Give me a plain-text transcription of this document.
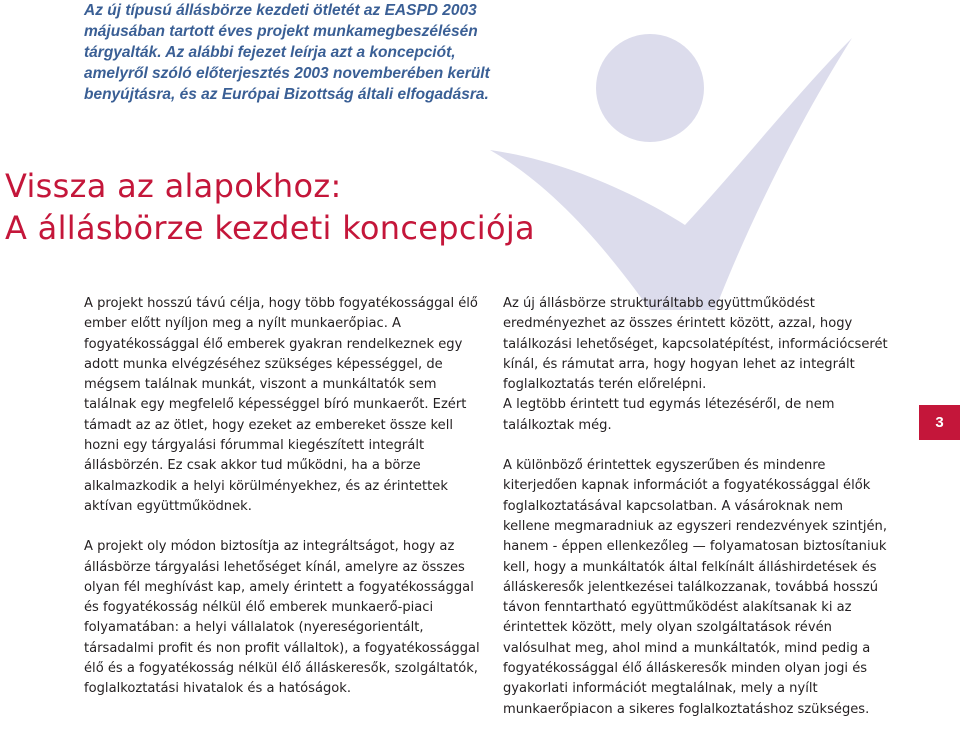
Az új típusú állásbörze kezdeti ötletét az EASPD 2003 májusában tartott éves projekt munkamegbeszélésén tárgyalták. Az alábbi fejezet leírja azt a koncepciót, amelyről szóló előterjesztés 2003 novemberében került benyújtásra, és az Európai Bizottság általi elfogadásra.

Vissza az alapokhoz:
A állásbörze kezdeti koncepciója

A projekt hosszú távú célja, hogy több fogyatékossággal élő ember előtt nyíljon meg a nyílt munkaerőpiac. A fogyatékossággal élő emberek gyakran rendelkeznek egy adott munka elvégzéséhez szükséges képességgel, de mégsem találnak munkát, viszont a munkáltatók sem találnak egy megfelelő képességgel bíró munkaerőt. Ezért támadt az az ötlet, hogy ezeket az embereket össze kell hozni egy tárgyalási fórummal kiegészített integrált állásbörzén. Ez csak akkor tud működni, ha a börze alkalmazkodik a helyi körülményekhez, és az érintettek aktívan együttműködnek.

A projekt oly módon biztosítja az integráltságot, hogy az állásbörze tárgyalási lehetőséget kínál, amelyre az összes olyan fél meghívást kap, amely érintett a fogyatékossággal és fogyatékosság nélkül élő emberek munkaerő-piaci folyamatában: a helyi vállalatok (nyereségorientált, társadalmi profit és non profit vállaltok), a fogyatékossággal élő és a fogyatékosság nélkül élő álláskeresők, szolgáltatók, foglalkoztatási hivatalok és a hatóságok.

Az új állásbörze strukturáltabb együttműködést eredményezhet az összes érintett között, azzal, hogy találkozási lehetőséget, kapcsolatépítést, információcserét kínál, és rámutat arra, hogy hogyan lehet az integrált foglalkoztatás terén előrelépni.

A legtöbb érintett tud egymás létezéséről, de nem találkoztak még.

A különböző érintettek egyszerűben és mindenre kiterjedően kapnak információt a fogyatékossággal élők foglalkoztatásával kapcsolatban. A vásároknak nem kellene megmaradniuk az egyszeri rendezvények szintjén, hanem - éppen ellenkezőleg — folyamatosan biztosítaniuk kell, hogy a munkáltatók által felkínált álláshirdetések és álláskeresők jelentkezései találkozzanak, továbbá hosszú távon fenntartható együttműködést alakítsanak ki az érintettek között, mely olyan szolgáltatások révén valósulhat meg, ahol mind a munkáltatók, mind pedig a fogyatékossággal élő álláskeresők minden olyan jogi és gyakorlati információt megtalálnak, mely a nyílt munkaerőpiacon a sikeres foglalkoztatáshoz szükséges.

3
